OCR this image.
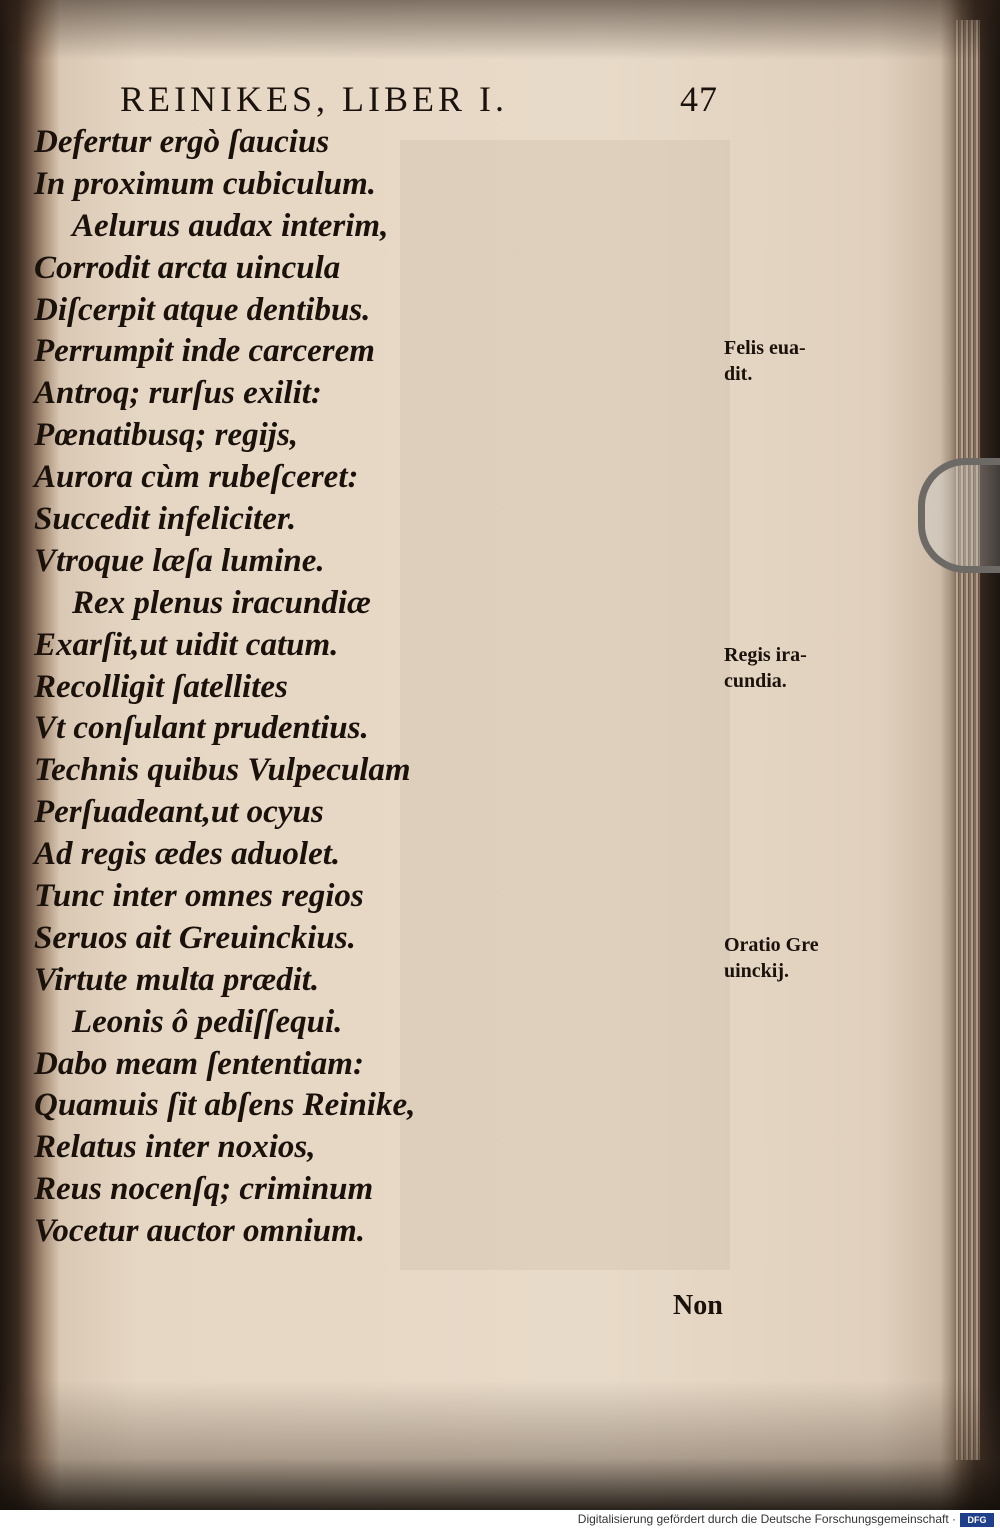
REINIKES, LIBER I.	47
Defertur ergò ſaucius
In proximum cubiculum.
Aelurus audax interim,
Corrodit arcta uincula
Diſcerpit atque dentibus.
Perrumpit inde carcerem
Antroq; rurſus exilit:
Pœnatibusq; regijs,
Aurora cùm rubeſceret:
Succedit infeliciter.
Vtroque læſa lumine.
Rex plenus iracundiæ
Exarſit,ut uidit catum.
Recolligit ſatellites
Vt conſulant prudentius.
Technis quibus Vulpeculam
Perſuadeant,ut ocyus
Ad regis ædes aduolet.
Tunc inter omnes regios
Seruos ait Greuinckius.
Virtute multa prædit.
Leonis ô pediſſequi.
Dabo meam ſententiam:
Quamuis ſit abſens Reinike,
Relatus inter noxios,
Reus nocenſq; criminum
Vocetur auctor omnium.
Felis eua-
dit.
Regis ira-
cundia.
Oratio Gre
uinckij.
Non
Digitalisierung gefördert durch die Deutsche Forschungsgemeinschaft ·	DFG
